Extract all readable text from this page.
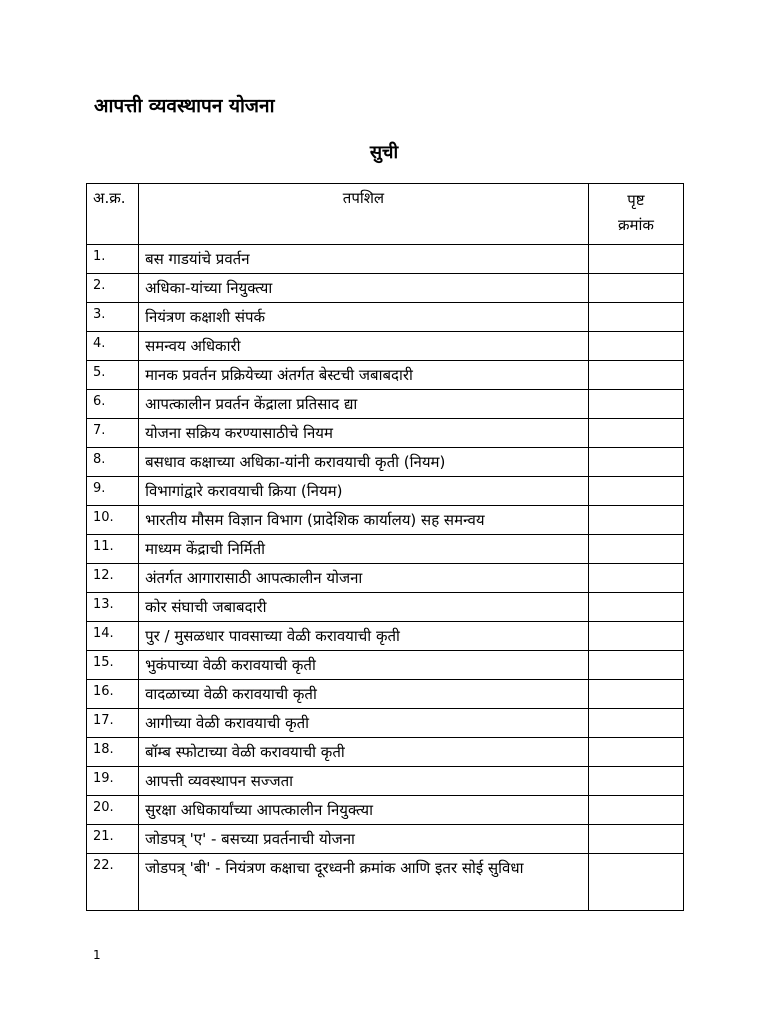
आपत्ती व्यवस्थापन योजना
सुची
अ.क्र.	तपशिल	पृष्ट
क्रमांक

1.	बस गाडयांचे प्रवर्तन	
2.	अधिका-यांच्या नियुक्त्या	
3.	नियंत्रण कक्षाशी संपर्क	
4.	समन्वय अधिकारी	
5.	मानक प्रवर्तन प्रक्रियेच्या अंतर्गत बेस्टची जबाबदारी	
6.	आपत्कालीन प्रवर्तन केंद्राला प्रतिसाद द्या	
7.	योजना सक्रिय करण्यासाठीचे नियम	
8.	बसधाव कक्षाच्या अधिका-यांनी करावयाची कृती (नियम)	
9.	विभागांद्वारे करावयाची क्रिया (नियम)	
10.	भारतीय मौसम विज्ञान विभाग (प्रादेशिक कार्यालय) सह समन्वय	
11.	माध्यम केंद्राची निर्मिती	
12.	अंतर्गत आगारासाठी आपत्कालीन योजना	
13.	कोर संघाची जबाबदारी	
14.	पुर / मुसळधार पावसाच्या वेळी करावयाची कृती	
15.	भुकंपाच्या वेळी करावयाची कृती	
16.	वादळाच्या वेळी करावयाची कृती	
17.	आगीच्या वेळी करावयाची कृती	
18.	बॉम्ब स्फोटाच्या वेळी करावयाची कृती	
19.	आपत्ती व्यवस्थापन सज्जता	
20.	सुरक्षा अधिकार्यांच्या आपत्कालीन नियुक्त्या	
21.	जोडपत्र् 'ए' - बसच्या प्रवर्तनाची योजना	
22.	जोडपत्र् 'बी' - नियंत्रण कक्षाचा दूरध्वनी क्रमांक आणि इतर सोई सुविधा	
1
